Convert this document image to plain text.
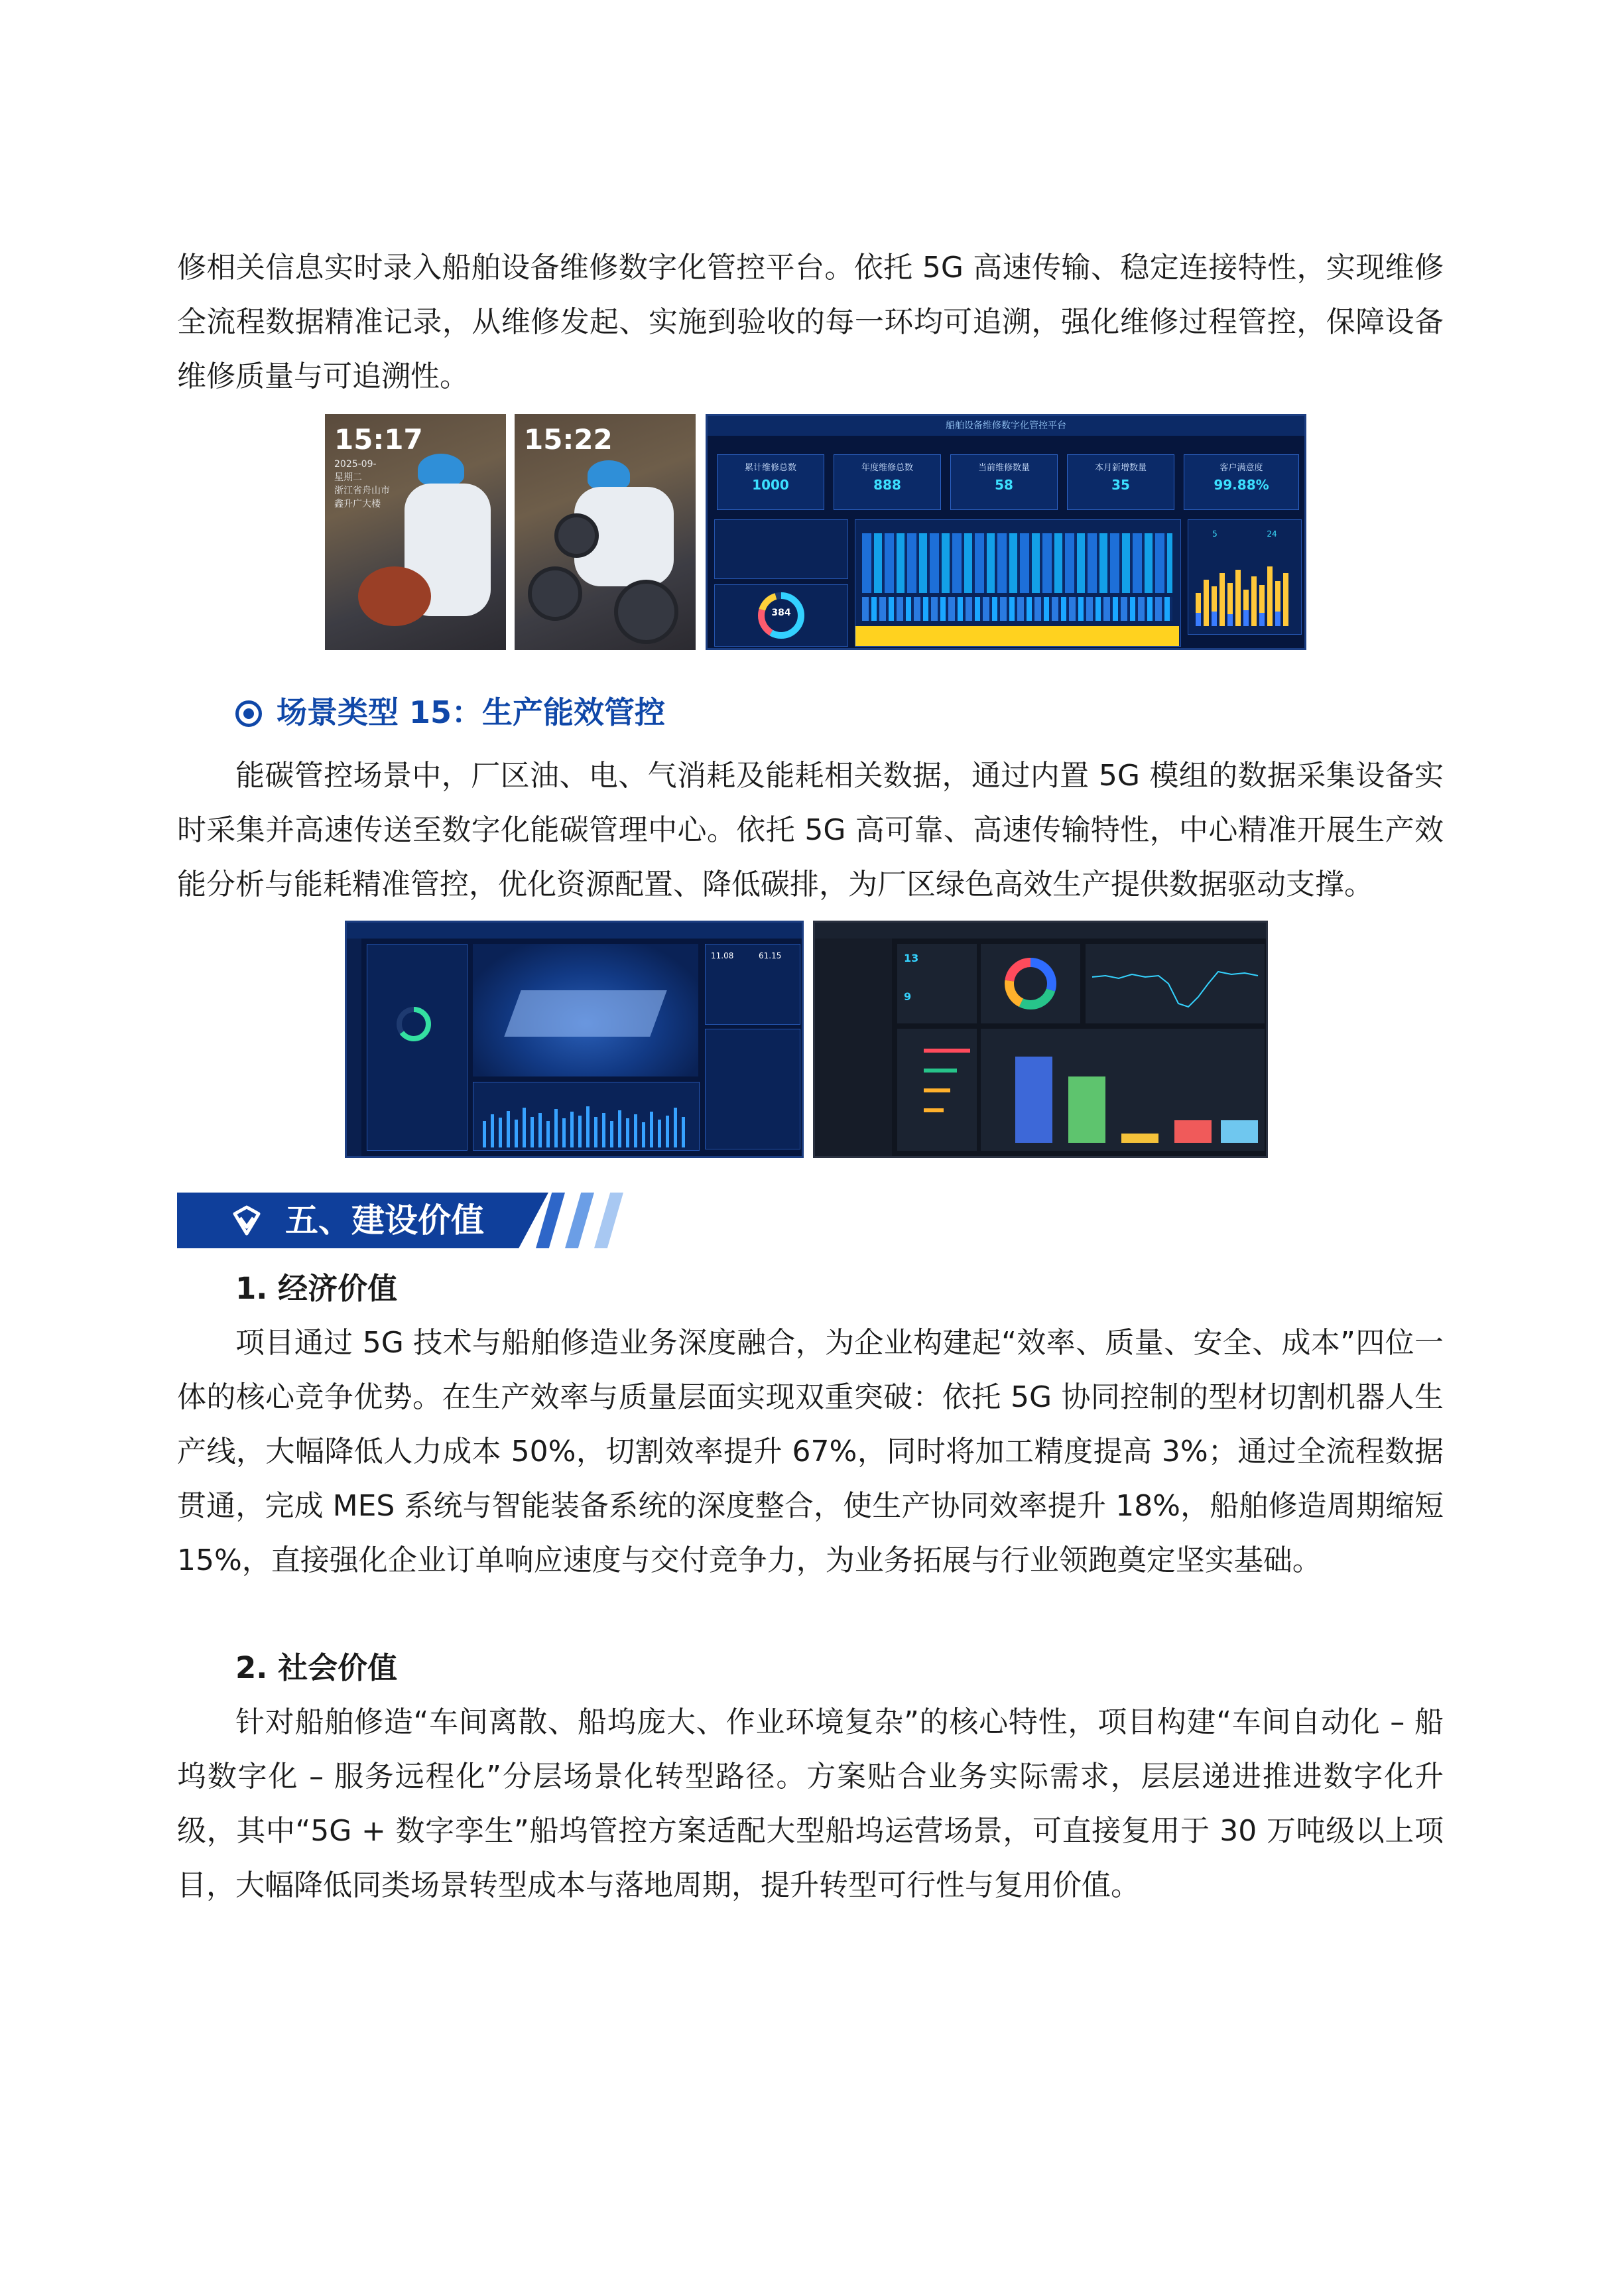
修相关信息实时录入船舶设备维修数字化管控平台。依托 5G 高速传输、稳定连接特性，实现维修全流程数据精准记录，从维修发起、实施到验收的每一环均可追溯，强化维修过程管控，保障设备维修质量与可追溯性。

15:17
2025-09-
星期二
浙江省舟山市
鑫升广大楼
15:22	船舶设备维修数字化管控平台
累计维修总数
1000
年度维修总数
888
当前维修数量
58
本月新增数量
35
客户满意度
99.88%
384
5	24
场景类型 15：生产能效管控

能碳管控场景中，厂区油、电、气消耗及能耗相关数据，通过内置 5G 模组的数据采集设备实时采集并高速传送至数字化能碳管理中心。依托 5G 高可靠、高速传输特性，中心精准开展生产效能分析与能耗精准管控，优化资源配置、降低碳排，为厂区绿色高效生产提供数据驱动支撑。

11.08	61.15	13
9
五、建设价值

1. 经济价值

项目通过 5G 技术与船舶修造业务深度融合，为企业构建起“效率、质量、安全、成本”四位一体的核心竞争优势。在生产效率与质量层面实现双重突破：依托 5G 协同控制的型材切割机器人生产线，大幅降低人力成本 50%，切割效率提升 67%，同时将加工精度提高 3%；通过全流程数据贯通，完成 MES 系统与智能装备系统的深度整合，使生产协同效率提升 18%，船舶修造周期缩短 15%，直接强化企业订单响应速度与交付竞争力，为业务拓展与行业领跑奠定坚实基础。

2. 社会价值

针对船舶修造“车间离散、船坞庞大、作业环境复杂”的核心特性，项目构建“车间自动化 – 船坞数字化 – 服务远程化”分层场景化转型路径。方案贴合业务实际需求，层层递进推进数字化升级，其中“5G + 数字孪生”船坞管控方案适配大型船坞运营场景，可直接复用于 30 万吨级以上项目，大幅降低同类场景转型成本与落地周期，提升转型可行性与复用价值。
